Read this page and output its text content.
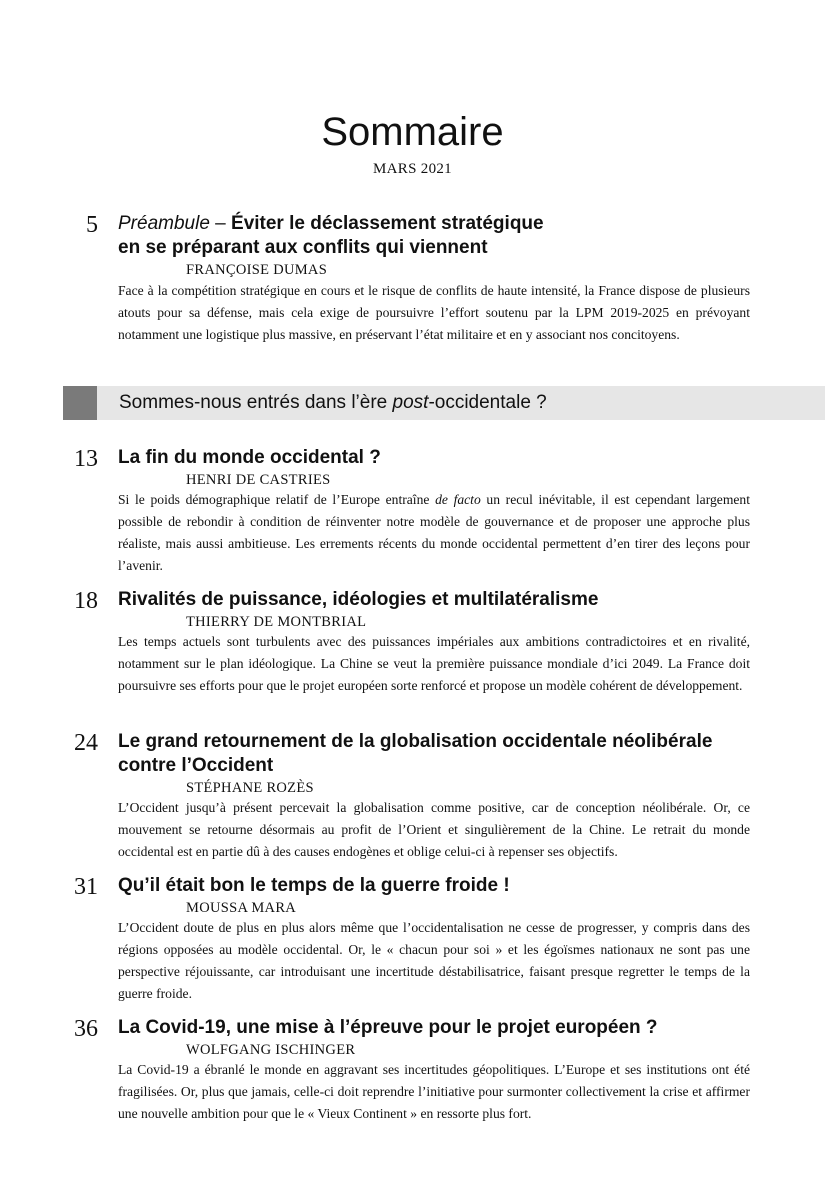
Sommaire
MARS 2021
5 Préambule – Éviter le déclassement stratégique
en se préparant aux conflits qui viennent
FRANÇOISE DUMAS

Face à la compétition stratégique en cours et le risque de conflits de haute intensité, la France dispose de plusieurs atouts pour sa défense, mais cela exige de poursuivre l’effort soutenu par la LPM 2019-2025 en prévoyant notamment une logistique plus massive, en préservant l’état militaire et en y associant nos concitoyens.

Sommes-nous entrés dans l’ère post-occidentale ?
13 La fin du monde occidental ?
HENRI DE CASTRIES

Si le poids démographique relatif de l’Europe entraîne de facto un recul inévitable, il est cependant largement possible de rebondir à condition de réinventer notre modèle de gouvernance et de proposer une approche plus réaliste, mais aussi ambitieuse. Les errements récents du monde occidental permettent d’en tirer des leçons pour l’avenir.

18 Rivalités de puissance, idéologies et multilatéralisme
THIERRY DE MONTBRIAL

Les temps actuels sont turbulents avec des puissances impériales aux ambitions contradictoires et en rivalité, notamment sur le plan idéologique. La Chine se veut la première puissance mondiale d’ici 2049. La France doit poursuivre ses efforts pour que le projet européen sorte renforcé et propose un modèle cohérent de développement.

24 Le grand retournement de la globalisation occidentale néolibérale
contre l’Occident
STÉPHANE ROZÈS

L’Occident jusqu’à présent percevait la globalisation comme positive, car de conception néolibérale. Or, ce mouvement se retourne désormais au profit de l’Orient et singulièrement de la Chine. Le retrait du monde occidental est en partie dû à des causes endogènes et oblige celui-ci à repenser ses objectifs.

31 Qu’il était bon le temps de la guerre froide !
MOUSSA MARA

L’Occident doute de plus en plus alors même que l’occidentalisation ne cesse de progresser, y compris dans des régions opposées au modèle occidental. Or, le « chacun pour soi » et les égoïsmes nationaux ne sont pas une perspective réjouissante, car introduisant une incertitude déstabilisatrice, faisant presque regretter le temps de la guerre froide.

36 La Covid-19, une mise à l’épreuve pour le projet européen ?
WOLFGANG ISCHINGER

La Covid-19 a ébranlé le monde en aggravant ses incertitudes géopolitiques. L’Europe et ses institutions ont été fragilisées. Or, plus que jamais, celle-ci doit reprendre l’initiative pour surmonter collectivement la crise et affirmer une nouvelle ambition pour que le « Vieux Continent » en ressorte plus fort.
